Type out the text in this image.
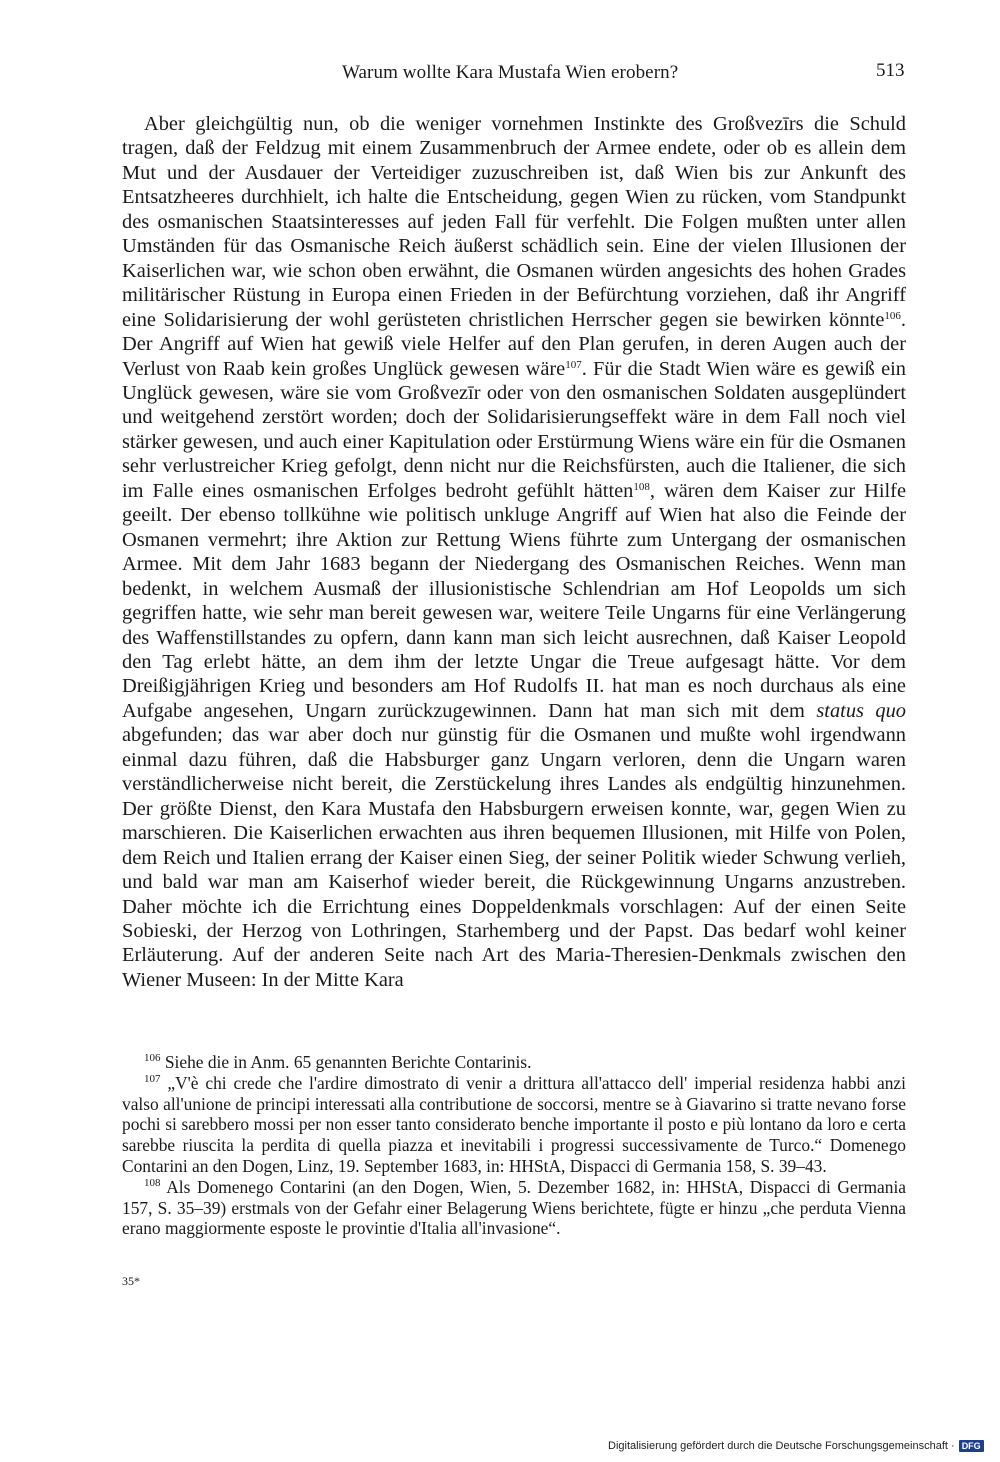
Warum wollte Kara Mustafa Wien erobern?	513

Aber gleichgültig nun, ob die weniger vornehmen Instinkte des Großvezīrs die Schuld tragen, daß der Feldzug mit einem Zusammenbruch der Armee endete, oder ob es allein dem Mut und der Ausdauer der Verteidiger zuzuschreiben ist, daß Wien bis zur Ankunft des Entsatzheeres durchhielt, ich halte die Entscheidung, gegen Wien zu rücken, vom Standpunkt des osmanischen Staatsinteresses auf jeden Fall für verfehlt. Die Folgen mußten unter allen Umständen für das Osmanische Reich äußerst schädlich sein. Eine der vielen Illusionen der Kaiserlichen war, wie schon oben erwähnt, die Osmanen würden angesichts des hohen Grades militärischer Rüstung in Europa einen Frieden in der Befürchtung vorziehen, daß ihr Angriff eine Solidarisierung der wohl gerüsteten christlichen Herrscher gegen sie bewirken könnte$^{106}$. Der Angriff auf Wien hat gewiß viele Helfer auf den Plan gerufen, in deren Augen auch der Verlust von Raab kein großes Unglück gewesen wäre$^{107}$. Für die Stadt Wien wäre es gewiß ein Unglück gewesen, wäre sie vom Großvezīr oder von den osmanischen Soldaten ausgeplündert und weitgehend zerstört worden; doch der Solidarisierungseffekt wäre in dem Fall noch viel stärker gewesen, und auch einer Kapitulation oder Erstürmung Wiens wäre ein für die Osmanen sehr verlustreicher Krieg gefolgt, denn nicht nur die Reichsfürsten, auch die Italiener, die sich im Falle eines osmanischen Erfolges bedroht gefühlt hätten$^{108}$, wären dem Kaiser zur Hilfe geeilt. Der ebenso tollkühne wie politisch unkluge Angriff auf Wien hat also die Feinde der Osmanen vermehrt; ihre Aktion zur Rettung Wiens führte zum Untergang der osmanischen Armee. Mit dem Jahr 1683 begann der Niedergang des Osmanischen Reiches. Wenn man bedenkt, in welchem Ausmaß der illusionistische Schlendrian am Hof Leopolds um sich gegriffen hatte, wie sehr man bereit gewesen war, weitere Teile Ungarns für eine Verlängerung des Waffenstillstandes zu opfern, dann kann man sich leicht ausrechnen, daß Kaiser Leopold den Tag erlebt hätte, an dem ihm der letzte Ungar die Treue aufgesagt hätte. Vor dem Dreißigjährigen Krieg und besonders am Hof Rudolfs II. hat man es noch durchaus als eine Aufgabe angesehen, Ungarn zurückzugewinnen. Dann hat man sich mit dem status quo abgefunden; das war aber doch nur günstig für die Osmanen und mußte wohl irgendwann einmal dazu führen, daß die Habsburger ganz Ungarn verloren, denn die Ungarn waren verständlicherweise nicht bereit, die Zerstückelung ihres Landes als endgültig hinzunehmen. Der größte Dienst, den Kara Mustafa den Habsburgern erweisen konnte, war, gegen Wien zu marschieren. Die Kaiserlichen erwachten aus ihren bequemen Illusionen, mit Hilfe von Polen, dem Reich und Italien errang der Kaiser einen Sieg, der seiner Politik wieder Schwung verlieh, und bald war man am Kaiserhof wieder bereit, die Rückgewinnung Ungarns anzustreben. Daher möchte ich die Errichtung eines Doppeldenkmals vorschlagen: Auf der einen Seite Sobieski, der Herzog von Lothringen, Starhemberg und der Papst. Das bedarf wohl keiner Erläuterung. Auf der anderen Seite nach Art des Maria-Theresien-Denkmals zwischen den Wiener Museen: In der Mitte Kara

$^{106}$ Siehe die in Anm. 65 genannten Berichte Contarinis.

$^{107}$ „V'è chi crede che l'ardire dimostrato di venir a drittura all'attacco dell' imperial residenza habbi anzi valso all'unione de principi interessati alla contributione de soccorsi, mentre se à Giavarino si tratte nevano forse pochi si sarebbero mossi per non esser tanto considerato benche importante il posto e più lontano da loro e certa sarebbe riuscita la perdita di quella piazza et inevitabili i progressi successivamente de Turco.“ Domenego Contarini an den Dogen, Linz, 19. September 1683, in: HHStA, Dispacci di Germania 158, S. 39–43.

$^{108}$ Als Domenego Contarini (an den Dogen, Wien, 5. Dezember 1682, in: HHStA, Dispacci di Germania 157, S. 35–39) erstmals von der Gefahr einer Belagerung Wiens berichtete, fügte er hinzu „che perduta Vienna erano maggiormente esposte le provintie d'Italia all'invasione“.

35*
Digitalisierung gefördert durch die Deutsche Forschungsgemeinschaft · DFG
